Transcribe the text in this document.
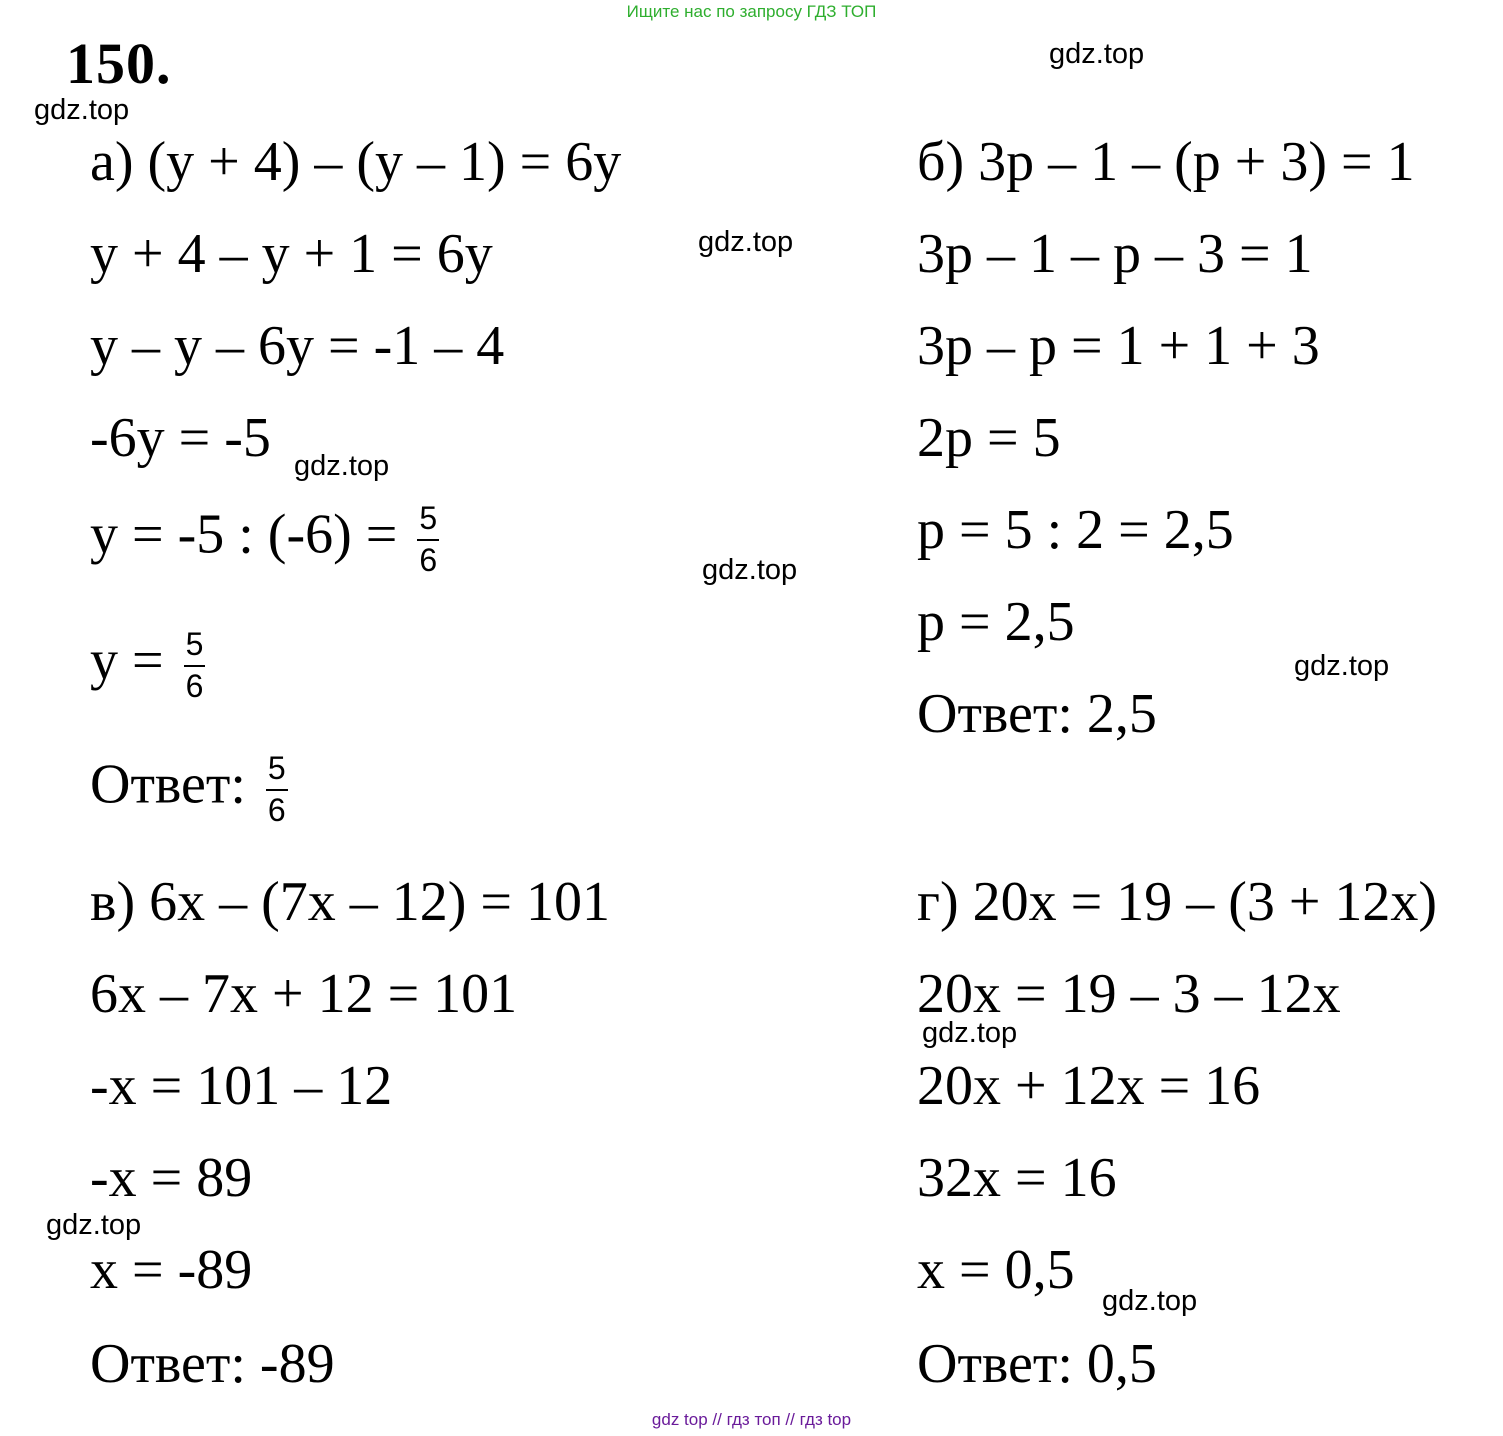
Ищите нас по запросу ГДЗ ТОП
150.	gdz.top
gdz.top
gdz.top
gdz.top
gdz.top
gdz.top
gdz.top
gdz.top
gdz.top
а) (y + 4) – (y – 1) = 6y
y + 4 – y + 1 = 6y
y – y – 6y = -1 – 4
-6y = -5
y = -5 : $(-6) = \frac{5}{6}$
$y = \frac{5}{6}$
Ответ: $\frac{5}{6}$
б) 3p – 1 – (p + 3) = 1
3p – 1 – p – 3 = 1
3p – p = 1 + 1 + 3
2p = 5
p = 5 : 2 = 2,5
p = 2,5
Ответ: 2,5
в) 6x – (7x – 12) = 101
6x – 7x + 12 = 101
-x = 101 – 12
-x = 89
x = -89
Ответ: -89
г) 20x = 19 – (3 + 12x)
20x = 19 – 3 – 12x
20x + 12x = 16
32x = 16
x = 0,5
Ответ: 0,5
gdz top // гдз топ // гдз top
